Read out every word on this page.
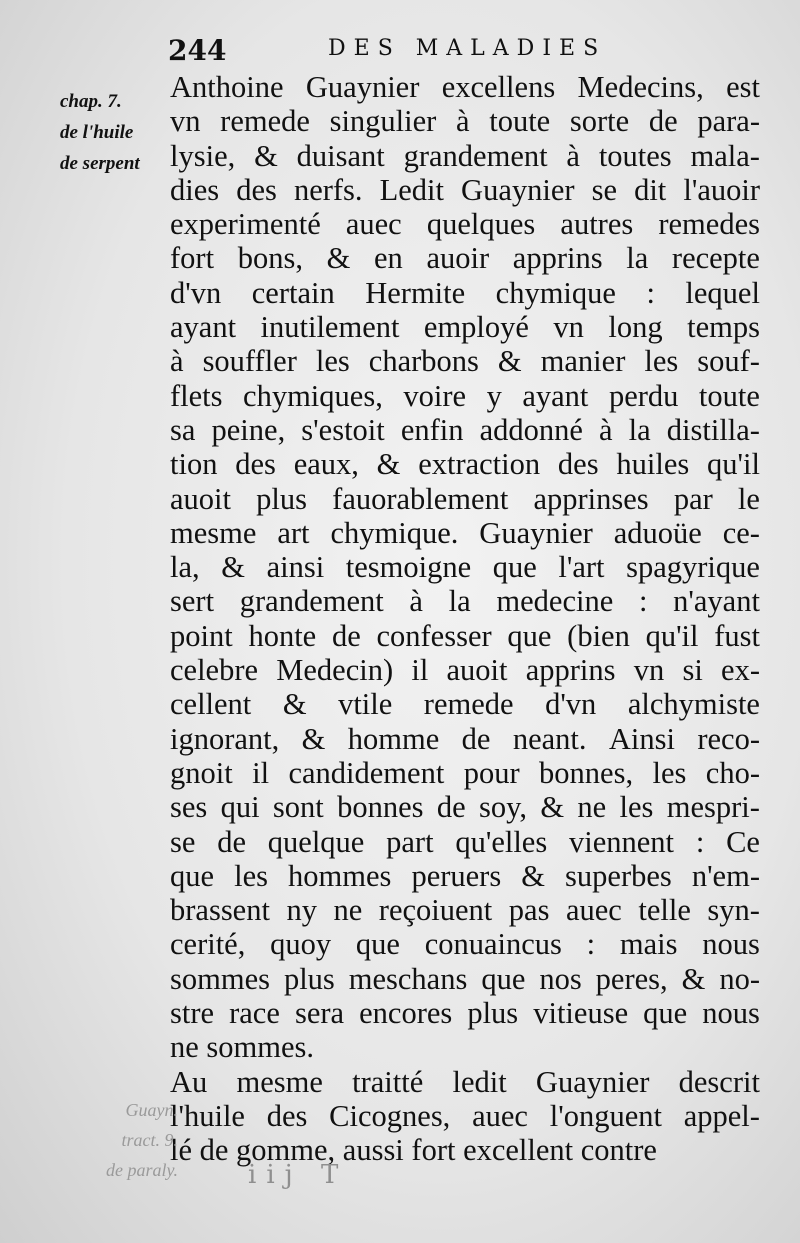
244	DES MALADIES
chap. 7.
de l'huile
de serpent
Anthoine Guaynier excellens Medecins, est
vn remede singulier à toute sorte de para-
lysie, & duisant grandement à toutes mala-
dies des nerfs. Ledit Guaynier se dit l'auoir
experimenté auec quelques autres remedes
fort bons, & en auoir apprins la recepte
d'vn certain Hermite chymique : lequel
ayant inutilement employé vn long temps
à souffler les charbons & manier les souf-
flets chymiques, voire y ayant perdu toute
sa peine, s'estoit enfin addonné à la distilla-
tion des eaux, & extraction des huiles qu'il
auoit plus fauorablement apprinses par le
mesme art chymique. Guaynier aduoüe ce-
la, & ainsi tesmoigne que l'art spagyrique
sert grandement à la medecine : n'ayant
point honte de confesser que (bien qu'il fust
celebre Medecin) il auoit apprins vn si ex-
cellent & vtile remede d'vn alchymiste
ignorant, & homme de neant. Ainsi reco-
gnoit il candidement pour bonnes, les cho-
ses qui sont bonnes de soy, & ne les mespri-
se de quelque part qu'elles viennent : Ce
que les hommes peruers & superbes n'em-
brassent ny ne reçoiuent pas auec telle syn-
cerité, quoy que conuaincus : mais nous
sommes plus meschans que nos peres, & no-
stre race sera encores plus vitieuse que nous
ne sommes.
Au mesme traitté ledit Guaynier descrit
l'huile des Cicognes, auec l'onguent appel-
lé de gomme, aussi fort excellent contre
Guayn.
tract. 9.
de paraly.	iij T
